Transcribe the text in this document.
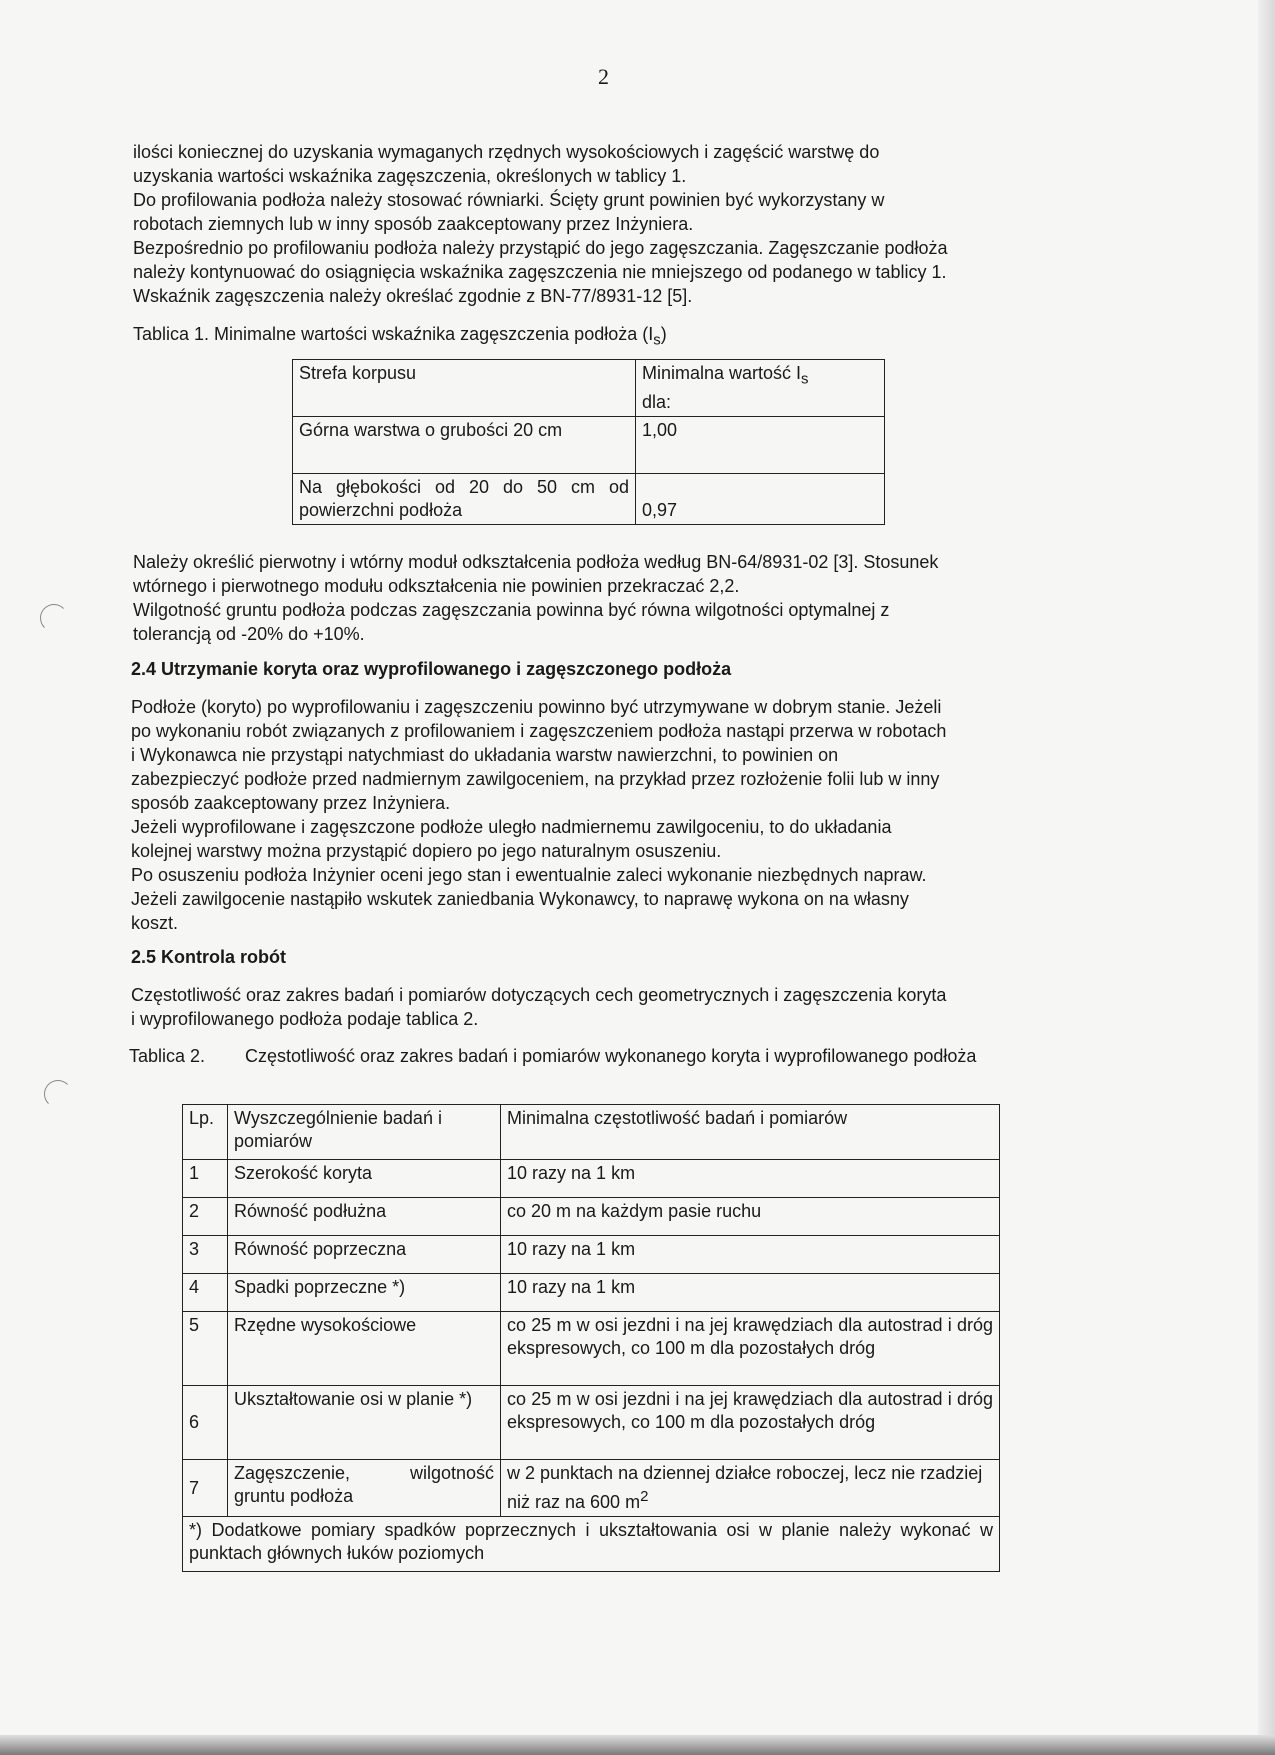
2

ilości koniecznej do uzyskania wymaganych rzędnych wysokościowych i zagęścić warstwę do

uzyskania wartości wskaźnika zagęszczenia, określonych w tablicy 1.

Do profilowania podłoża należy stosować równiarki. Ścięty grunt powinien być wykorzystany w

robotach ziemnych lub w inny sposób zaakceptowany przez Inżyniera.

Bezpośrednio po profilowaniu podłoża należy przystąpić do jego zagęszczania. Zagęszczanie podłoża

należy kontynuować do osiągnięcia wskaźnika zagęszczenia nie mniejszego od podanego w tablicy 1.

Wskaźnik zagęszczenia należy określać zgodnie z BN-77/8931-12 [5].

Tablica 1. Minimalne wartości wskaźnika zagęszczenia podłoża $(I_s)$
Strefa korpusu	Minimalna wartość $I_s$
dla:
Górna warstwa o grubości 20 cm	1,00
Na głębokości od 20 do 50 cm od powierzchni podłoża	0,97

Należy określić pierwotny i wtórny moduł odkształcenia podłoża według BN-64/8931-02 [3]. Stosunek

wtórnego i pierwotnego modułu odkształcenia nie powinien przekraczać 2,2.

Wilgotność gruntu podłoża podczas zagęszczania powinna być równa wilgotności optymalnej z

tolerancją od -20% do +10%.

2.4 Utrzymanie koryta oraz wyprofilowanego i zagęszczonego podłoża

Podłoże (koryto) po wyprofilowaniu i zagęszczeniu powinno być utrzymywane w dobrym stanie. Jeżeli

po wykonaniu robót związanych z profilowaniem i zagęszczeniem podłoża nastąpi przerwa w robotach

i Wykonawca nie przystąpi natychmiast do układania warstw nawierzchni, to powinien on

zabezpieczyć podłoże przed nadmiernym zawilgoceniem, na przykład przez rozłożenie folii lub w inny

sposób zaakceptowany przez Inżyniera.

Jeżeli wyprofilowane i zagęszczone podłoże uległo nadmiernemu zawilgoceniu, to do układania

kolejnej warstwy można przystąpić dopiero po jego naturalnym osuszeniu.

Po osuszeniu podłoża Inżynier oceni jego stan i ewentualnie zaleci wykonanie niezbędnych napraw.

Jeżeli zawilgocenie nastąpiło wskutek zaniedbania Wykonawcy, to naprawę wykona on na własny

koszt.

2.5 Kontrola robót

Częstotliwość oraz zakres badań i pomiarów dotyczących cech geometrycznych i zagęszczenia koryta

i wyprofilowanego podłoża podaje tablica 2.

Tablica 2. Częstotliwość oraz zakres badań i pomiarów wykonanego koryta i wyprofilowanego podłoża
Lp.	Wyszczególnienie badań i pomiarów	Minimalna częstotliwość badań i pomiarów
1	Szerokość koryta	10 razy na 1 km
2	Równość podłużna	co 20 m na każdym pasie ruchu
3	Równość poprzeczna	10 razy na 1 km
4	Spadki poprzeczne *)	10 razy na 1 km
5	Rzędne wysokościowe	co 25 m w osi jezdni i na jej krawędziach dla autostrad i dróg ekspresowych, co 100 m dla pozostałych dróg
6	Ukształtowanie osi w planie *)	co 25 m w osi jezdni i na jej krawędziach dla autostrad i dróg ekspresowych, co 100 m dla pozostałych dróg
7	Zagęszczenie, wilgotność gruntu podłoża	w 2 punktach na dziennej działce roboczej, lecz nie rzadziej niż raz na 600 $m^2$
*) Dodatkowe pomiary spadków poprzecznych i ukształtowania osi w planie należy wykonać w punktach głównych łuków poziomych		
